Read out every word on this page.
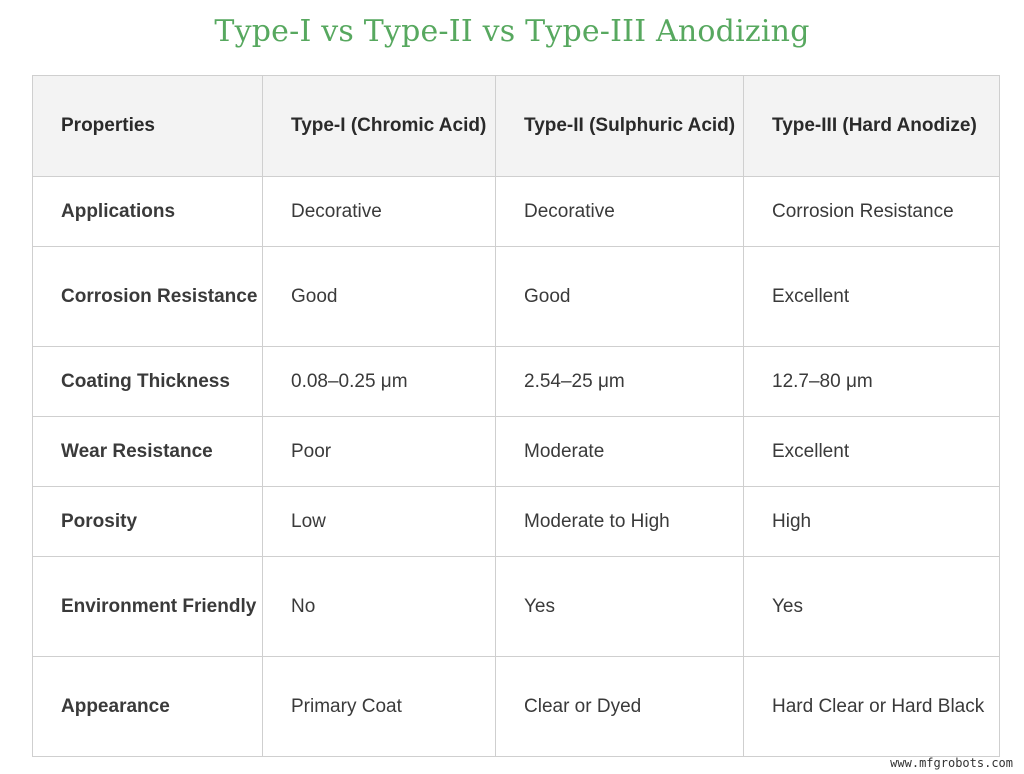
Type-I vs Type-II vs Type-III Anodizing
Properties	Type-I (Chromic Acid)	Type-II (Sulphuric Acid)	Type-III (Hard Anodize)
Applications	Decorative	Decorative	Corrosion Resistance
Corrosion Resistance	Good	Good	Excellent
Coating Thickness	0.08–0.25 μm	2.54–25 μm	12.7–80 μm
Wear Resistance	Poor	Moderate	Excellent
Porosity	Low	Moderate to High	High
Environment Friendly	No	Yes	Yes
Appearance	Primary Coat	Clear or Dyed	Hard Clear or Hard Black
www.mfgrobots.com
